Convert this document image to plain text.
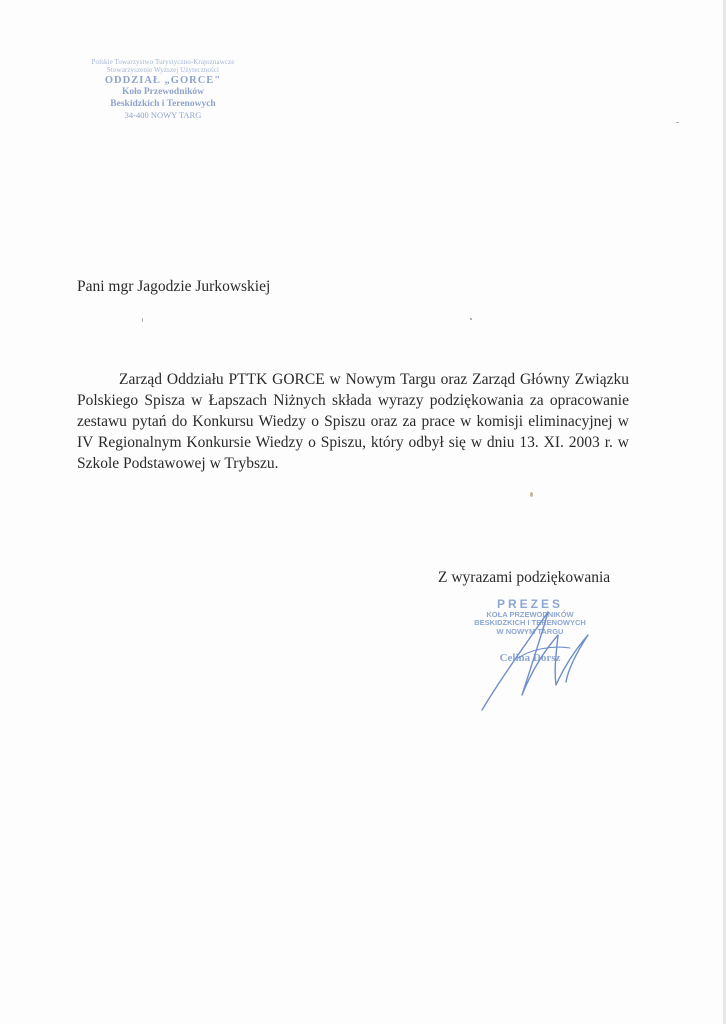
Polskie Towarzystwo Turystyczno-Krajoznawcze
Stowarzyszenie Wyższej Użyteczności
ODDZIAŁ „GORCE"
Koło Przewodników
Beskidzkich i Terenowych
34-400 NOWY TARG
Pani mgr Jagodzie Jurkowskiej
Zarząd Oddziału PTTK GORCE w Nowym Targu oraz Zarząd Główny Związku Polskiego Spisza w Łapszach Niżnych składa wyrazy podziękowania za opracowanie zestawu pytań do Konkursu Wiedzy o Spiszu oraz za prace w komisji eliminacyjnej w IV Regionalnym Konkursie Wiedzy o Spiszu, który odbył się w dniu 13. XI. 2003 r. w Szkole Podstawowej w Trybszu.
Z wyrazami podziękowania
PREZES
KOŁA PRZEWODNIKÓW
BESKIDZKICH I TERENOWYCH
W NOWYM TARGU
Celina Dorsz
